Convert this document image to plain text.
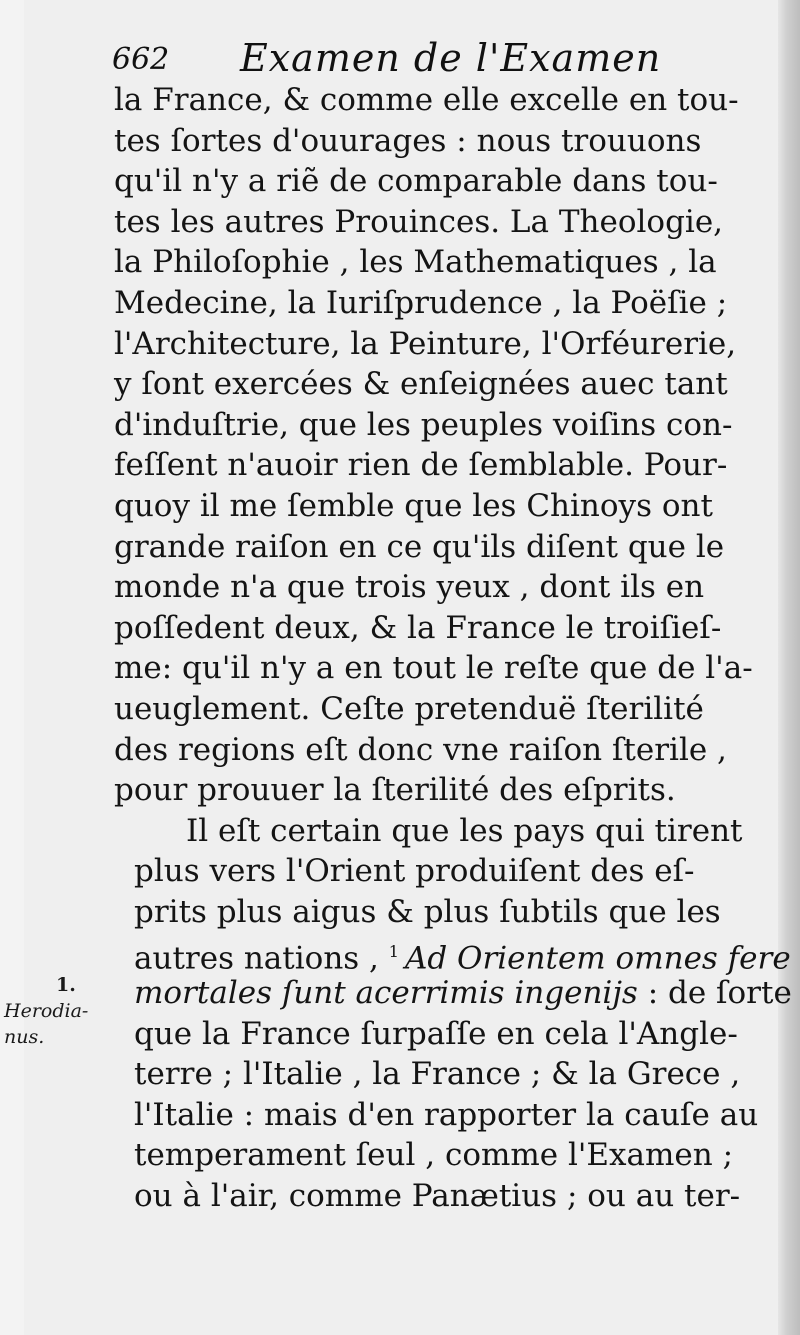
662 Examen de l'Examen
la France, & comme elle excelle en tou-
tes ſortes d'ouurages : nous trouuons
qu'il n'y a riẽ de comparable dans tou-
tes les autres Prouinces. La Theologie,
la Philoſophie , les Mathematiques , la
Medecine, la Iuriſprudence , la Poëſie ;
l'Architecture, la Peinture, l'Orféurerie,
y ſont exercées & enſeignées auec tant
d'induſtrie, que les peuples voiſins con-
feſſent n'auoir rien de ſemblable. Pour-
quoy il me ſemble que les Chinoys ont
grande raiſon en ce qu'ils diſent que le
monde n'a que trois yeux , dont ils en
poſſedent deux, & la France le troiſieſ-
me: qu'il n'y a en tout le reſte que de l'a-
ueuglement. Ceſte pretenduë ſterilité
des regions eſt donc vne raiſon ſterile ,
pour prouuer la ſterilité des eſprits.
Il eſt certain que les pays qui tirent
plus vers l'Orient produiſent des eſ-
prits plus aigus & plus ſubtils que les
autres nations , $^1$ Ad Orientem omnes fere
mortales ſunt acerrimis ingenijs : de ſorte
que la France ſurpaſſe en cela l'Angle-
terre ; l'Italie , la France ; & la Grece ,
l'Italie : mais d'en rapporter la cauſe au
temperament ſeul , comme l'Examen ;
ou à l'air, comme Panætius ; ou au ter-
1.
Herodia-
nus.
